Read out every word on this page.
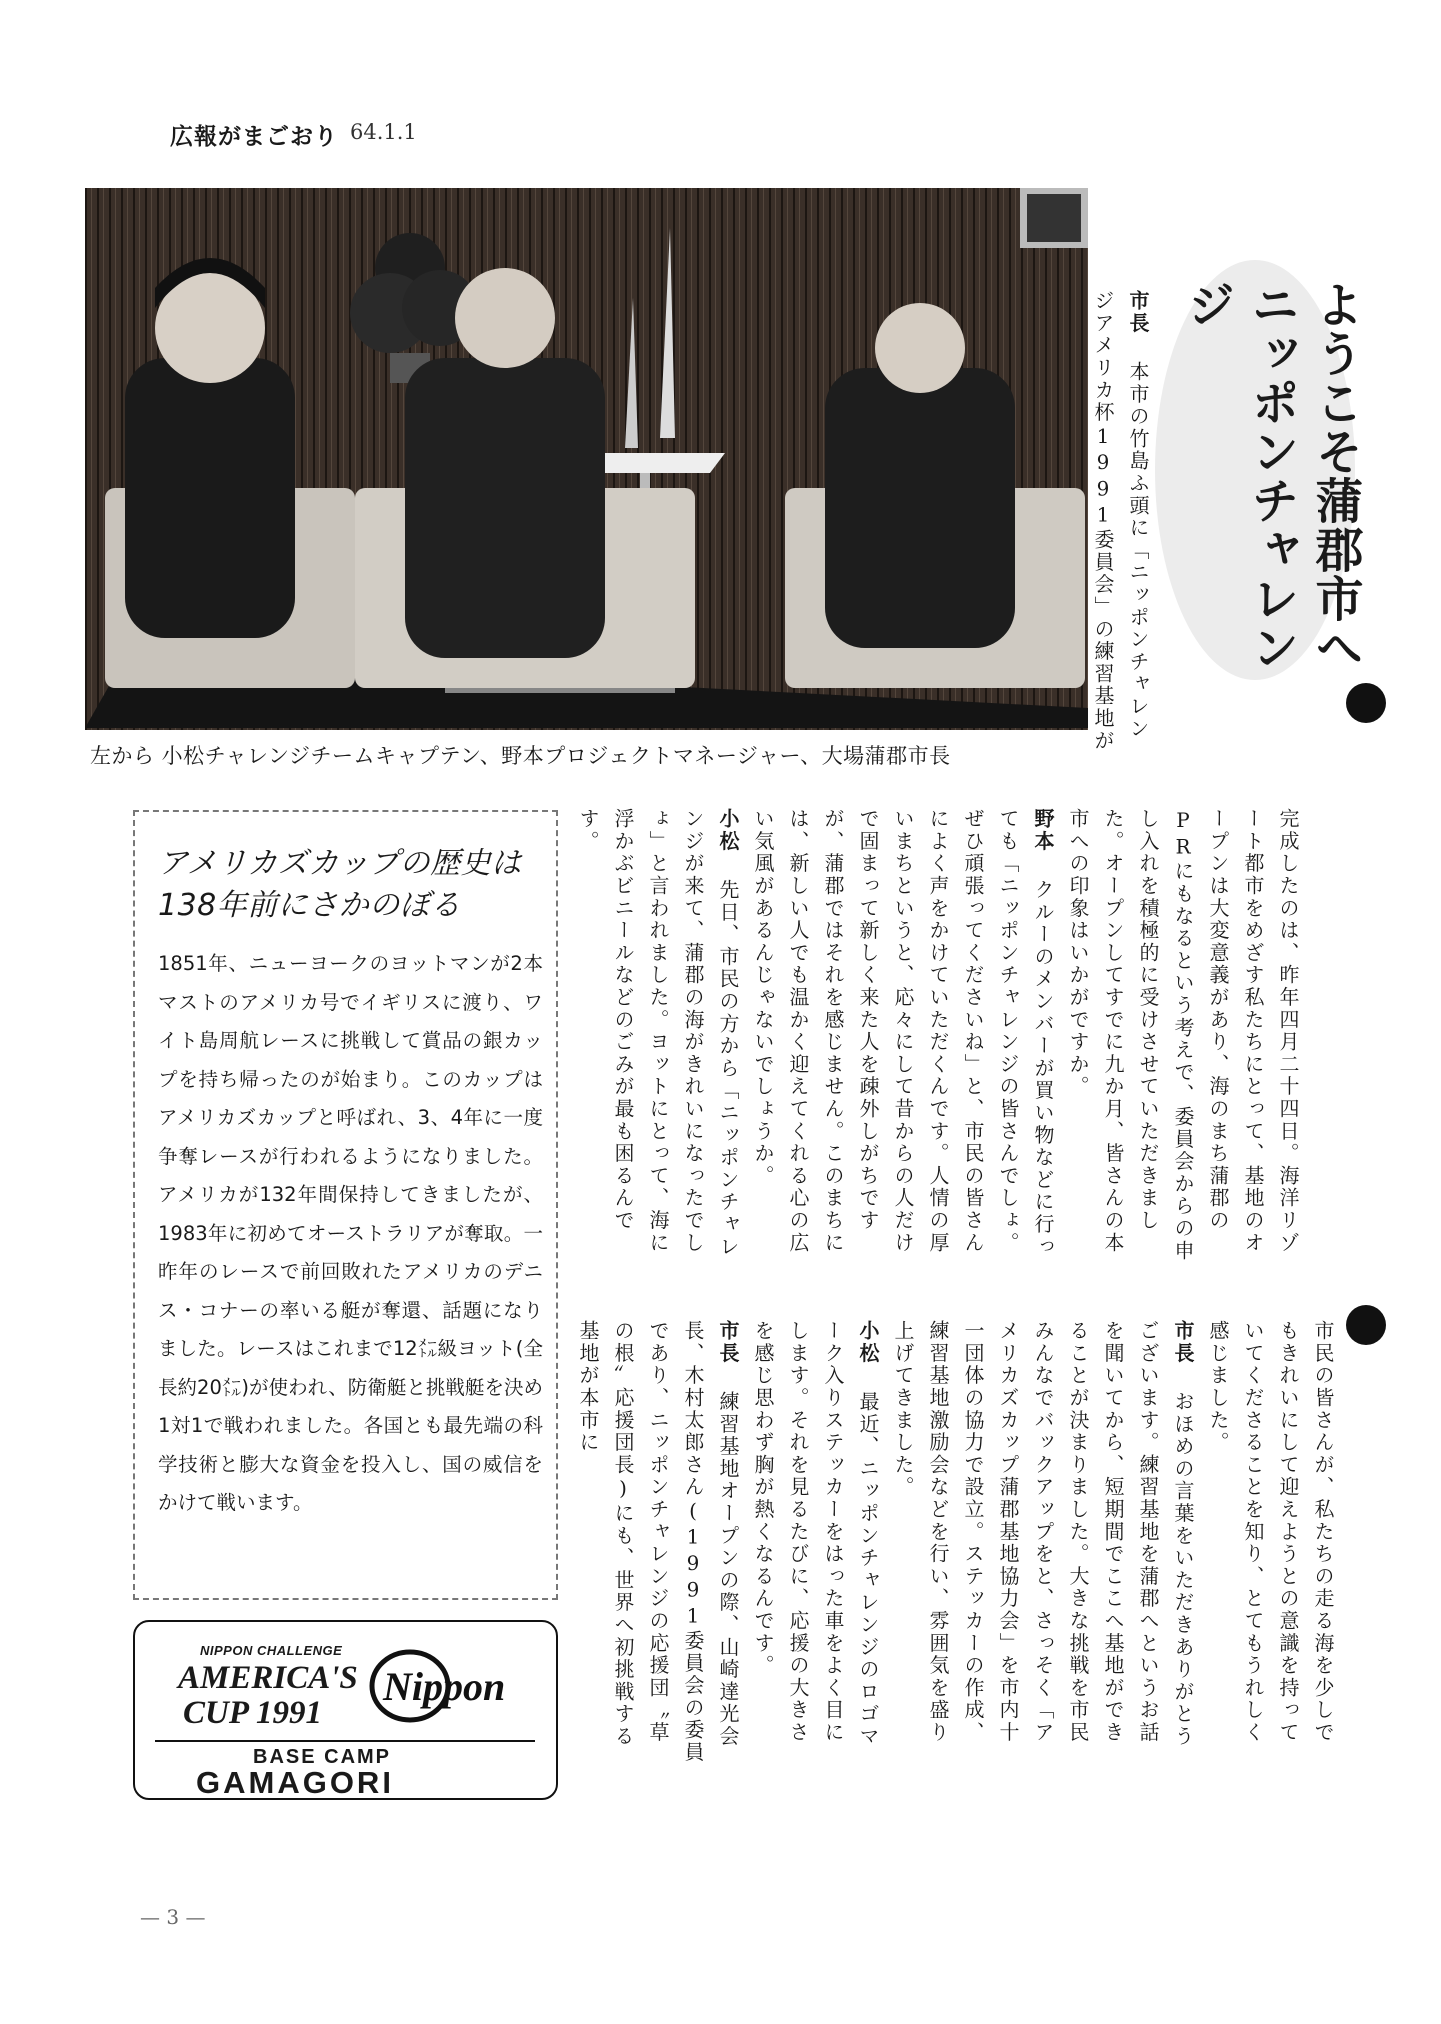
広報がまごおり 64.1.1
左から 小松チャレンジチームキャプテン、野本プロジェクトマネージャー、大場蒲郡市長
ようこそ蒲郡市へ
ニッポンチャレンジ
市長 本市の竹島ふ頭に「ニッポンチャレンジアメリカ杯1991委員会」の練習基地が
完成したのは、昨年四月二十四日。海洋リゾート都市をめざす私たちにとって、基地のオープンは大変意義があり、海のまち蒲郡のPRにもなるという考えで、委員会からの申し入れを積極的に受けさせていただきました。オープンしてすでに九か月、皆さんの本市への印象はいかがですか。
野本 クルーのメンバーが買い物などに行っても「ニッポンチャレンジの皆さんでしょ。ぜひ頑張ってくださいね」と、市民の皆さんによく声をかけていただくんです。人情の厚いまちというと、応々にして昔からの人だけで固まって新しく来た人を疎外しがちですが、蒲郡ではそれを感じません。このまちには、新しい人でも温かく迎えてくれる心の広い気風があるんじゃないでしょうか。
小松 先日、市民の方から「ニッポンチャレンジが来て、蒲郡の海がきれいになったでしょ」と言われました。ヨットにとって、海に浮かぶビニールなどのごみが最も困るんです。
市民の皆さんが、私たちの走る海を少しでもきれいにして迎えようとの意識を持っていてくださることを知り、とてもうれしく感じました。
市長 おほめの言葉をいただきありがとうございます。練習基地を蒲郡へというお話を聞いてから、短期間でここへ基地ができることが決まりました。大きな挑戦を市民みんなでバックアップをと、さっそく「アメリカズカップ蒲郡基地協力会」を市内十一団体の協力で設立。ステッカーの作成、練習基地激励会などを行い、雰囲気を盛り上げてきました。
小松 最近、ニッポンチャレンジのロゴマーク入りステッカーをはった車をよく目にします。それを見るたびに、応援の大きさを感じ思わず胸が熱くなるんです。
市長 練習基地オープンの際、山崎達光会長、木村太郎さん(1991委員会の委員であり、ニッポンチャレンジの応援団〝草の根〟応援団長)にも、世界へ初挑戦する基地が本市に
アメリカズカップの歴史は
138年前にさかのぼる
1851年、ニューヨークのヨットマンが2本マストのアメリカ号でイギリスに渡り、ワイト島周航レースに挑戦して賞品の銀カップを持ち帰ったのが始まり。このカップはアメリカズカップと呼ばれ、3、4年に一度争奪レースが行われるようになりました。アメリカが132年間保持してきましたが、1983年に初めてオーストラリアが奪取。一昨年のレースで前回敗れたアメリカのデニス・コナーの率いる艇が奪還、話題になりました。レースはこれまで12㍍級ヨット(全長約20㍍)が使われ、防衛艇と挑戦艇を決め1対1で戦われました。各国とも最先端の科学技術と膨大な資金を投入し、国の威信をかけて戦います。
NIPPON CHALLENGE
AMERICA'S
CUP 1991
Nippon
BASE CAMP
GAMAGORI
— 3 —
